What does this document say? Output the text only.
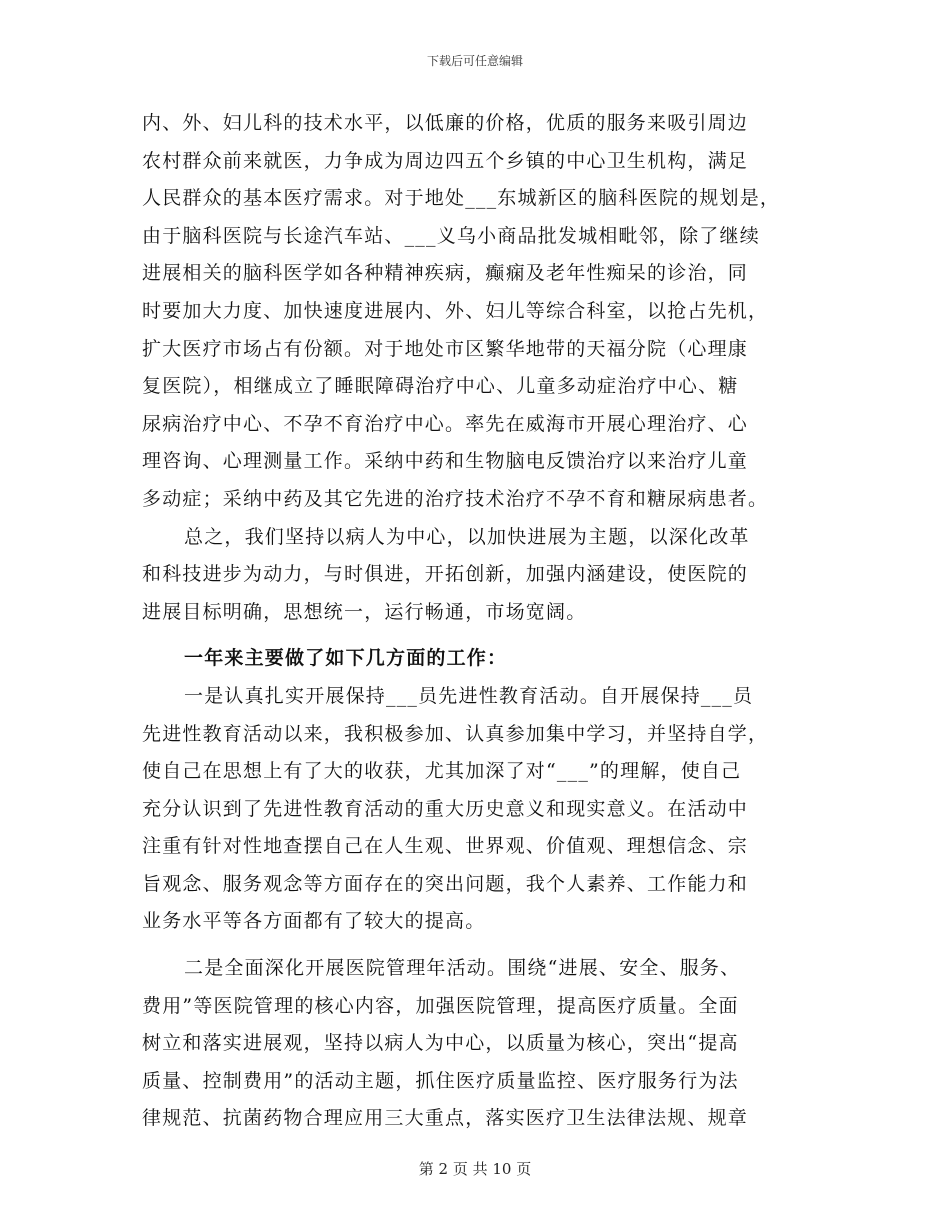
下载后可任意编辑
内、外、妇儿科的技术水平，以低廉的价格，优质的服务来吸引周边
农村群众前来就医，力争成为周边四五个乡镇的中心卫生机构，满足
人民群众的基本医疗需求。对于地处___东城新区的脑科医院的规划是，
由于脑科医院与长途汽车站、___义乌小商品批发城相毗邻，除了继续
进展相关的脑科医学如各种精神疾病，癫痫及老年性痴呆的诊治，同
时要加大力度、加快速度进展内、外、妇儿等综合科室，以抢占先机，
扩大医疗市场占有份额。对于地处市区繁华地带的天福分院（心理康
复医院），相继成立了睡眠障碍治疗中心、儿童多动症治疗中心、糖
尿病治疗中心、不孕不育治疗中心。率先在威海市开展心理治疗、心
理咨询、心理测量工作。采纳中药和生物脑电反馈治疗以来治疗儿童
多动症；采纳中药及其它先进的治疗技术治疗不孕不育和糖尿病患者。
总之，我们坚持以病人为中心，以加快进展为主题，以深化改革
和科技进步为动力，与时俱进，开拓创新，加强内涵建设，使医院的
进展目标明确，思想统一，运行畅通，市场宽阔。
一年来主要做了如下几方面的工作：
一是认真扎实开展保持___员先进性教育活动。自开展保持___员
先进性教育活动以来，我积极参加、认真参加集中学习，并坚持自学，
使自己在思想上有了大的收获，尤其加深了对“___”的理解，使自己
充分认识到了先进性教育活动的重大历史意义和现实意义。在活动中
注重有针对性地查摆自己在人生观、世界观、价值观、理想信念、宗
旨观念、服务观念等方面存在的突出问题，我个人素养、工作能力和
业务水平等各方面都有了较大的提高。
二是全面深化开展医院管理年活动。围绕“进展、安全、服务、
费用”等医院管理的核心内容，加强医院管理，提高医疗质量。全面
树立和落实进展观，坚持以病人为中心，以质量为核心，突出“提高
质量、控制费用”的活动主题，抓住医疗质量监控、医疗服务行为法
律规范、抗菌药物合理应用三大重点，落实医疗卫生法律法规、规章
第 2 页 共 10 页
